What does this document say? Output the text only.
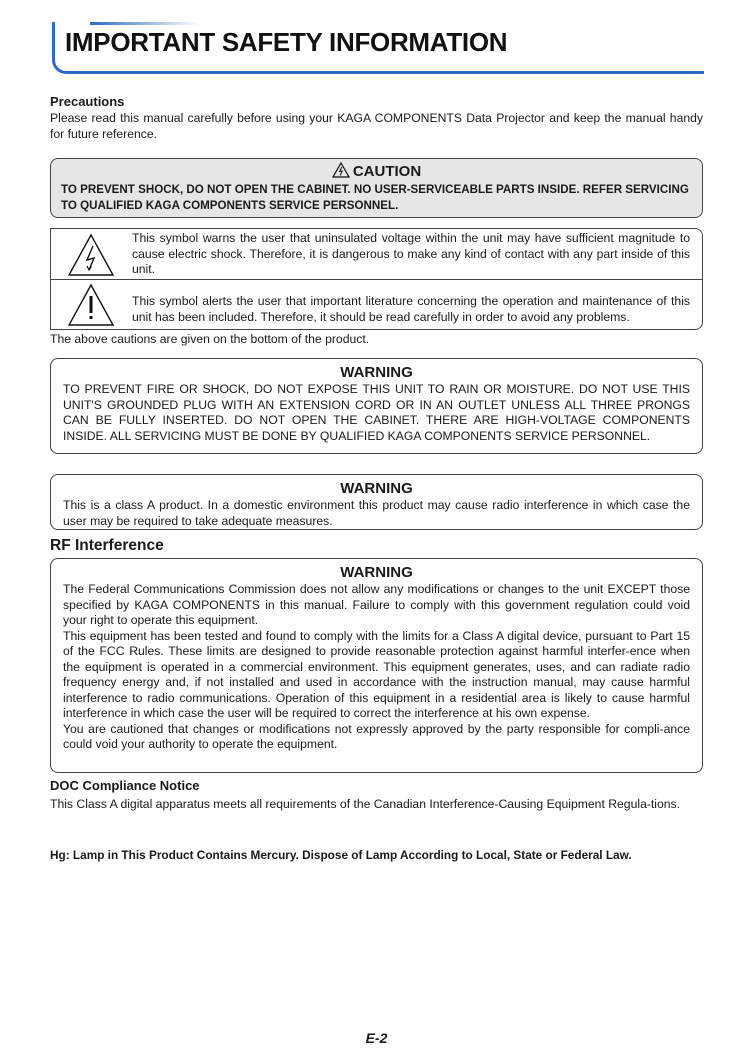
IMPORTANT SAFETY INFORMATION
Precautions
Please read this manual carefully before using your KAGA COMPONENTS Data Projector and keep the manual handy for future reference.
CAUTION
TO PREVENT SHOCK, DO NOT OPEN THE CABINET. NO USER-SERVICEABLE PARTS INSIDE. REFER SERVICING TO QUALIFIED KAGA COMPONENTS SERVICE PERSONNEL.
This symbol warns the user that uninsulated voltage within the unit may have sufficient magnitude to cause electric shock. Therefore, it is dangerous to make any kind of contact with any part inside of this unit.
This symbol alerts the user that important literature concerning the operation and maintenance of this unit has been included. Therefore, it should be read carefully in order to avoid any problems.
The above cautions are given on the bottom of the product.
WARNING
TO PREVENT FIRE OR SHOCK, DO NOT EXPOSE THIS UNIT TO RAIN OR MOISTURE. DO NOT USE THIS UNIT'S GROUNDED PLUG WITH AN EXTENSION CORD OR IN AN OUTLET UNLESS ALL THREE PRONGS CAN BE FULLY INSERTED. DO NOT OPEN THE CABINET. THERE ARE HIGH-VOLTAGE COMPONENTS INSIDE. ALL SERVICING MUST BE DONE BY QUALIFIED KAGA COMPONENTS SERVICE PERSONNEL.
WARNING
This is a class A product. In a domestic environment this product may cause radio interference in which case the user may be required to take adequate measures.
RF Interference
WARNING
The Federal Communications Commission does not allow any modifications or changes to the unit EXCEPT those specified by KAGA COMPONENTS in this manual. Failure to comply with this government regulation could void your right to operate this equipment.
This equipment has been tested and found to comply with the limits for a Class A digital device, pursuant to Part 15 of the FCC Rules. These limits are designed to provide reasonable protection against harmful interfer-ence when the equipment is operated in a commercial environment. This equipment generates, uses, and can radiate radio frequency energy and, if not installed and used in accordance with the instruction manual, may cause harmful interference to radio communications. Operation of this equipment in a residential area is likely to cause harmful interference in which case the user will be required to correct the interference at his own expense.
You are cautioned that changes or modifications not expressly approved by the party responsible for compli-ance could void your authority to operate the equipment.
DOC Compliance Notice
This Class A digital apparatus meets all requirements of the Canadian Interference-Causing Equipment Regula-tions.
Hg: Lamp in This Product Contains Mercury. Dispose of Lamp According to Local, State or Federal Law.
E-2
